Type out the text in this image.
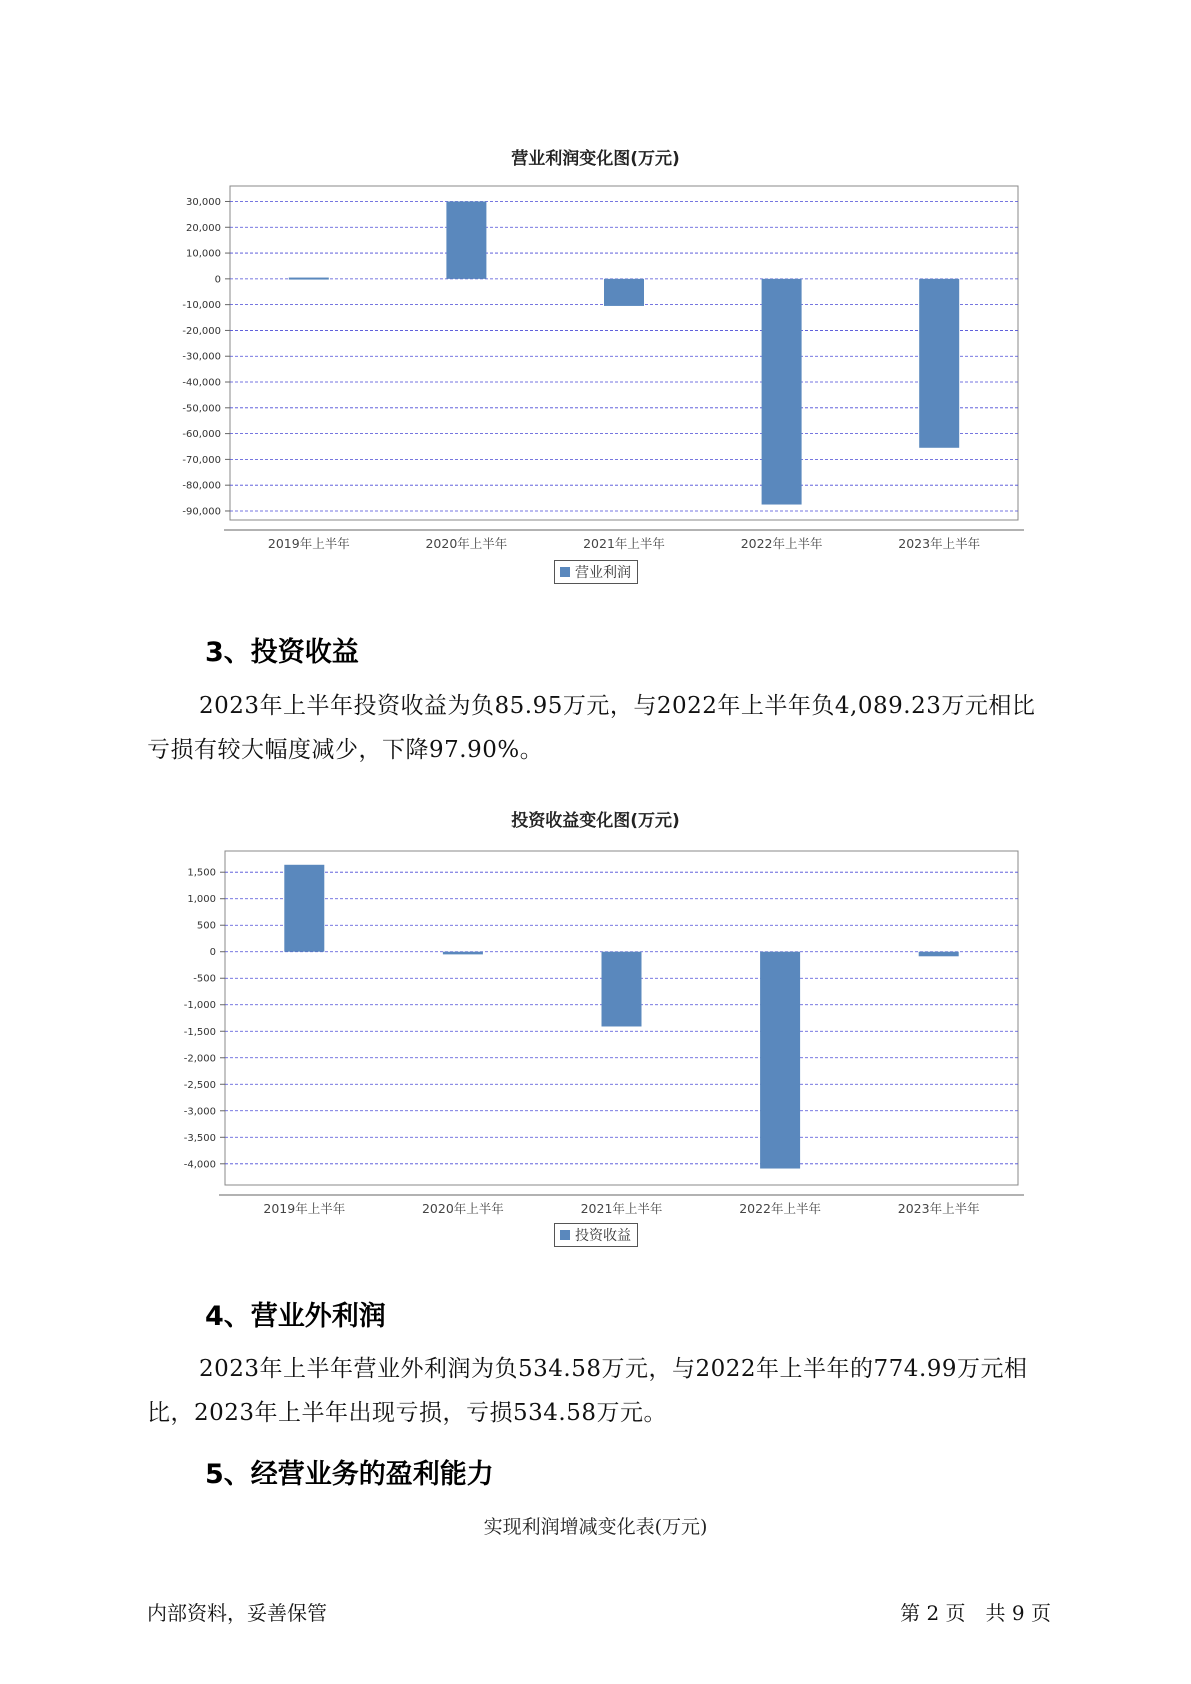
营业利润变化图(万元)
30,000
20,000
10,000
0
-10,000
-20,000
-30,000
-40,000
-50,000
-60,000
-70,000
-80,000
-90,000
2019年上半年	2020年上半年	2021年上半年	2022年上半年	2023年上半年
营业利润
3、投资收益

2023年上半年投资收益为负85.95万元，与2022年上半年负4,089.23万元相比亏损有较大幅度减少，下降97.90%。

投资收益变化图(万元)
1,500
1,000
500
0
-500
-1,000
-1,500
-2,000
-2,500
-3,000
-3,500
-4,000
2019年上半年	2020年上半年	2021年上半年	2022年上半年	2023年上半年
投资收益
4、营业外利润

2023年上半年营业外利润为负534.58万元，与2022年上半年的774.99万元相比，2023年上半年出现亏损，亏损534.58万元。

5、经营业务的盈利能力
实现利润增减变化表(万元)
内部资料，妥善保管	第 2 页　共 9 页
